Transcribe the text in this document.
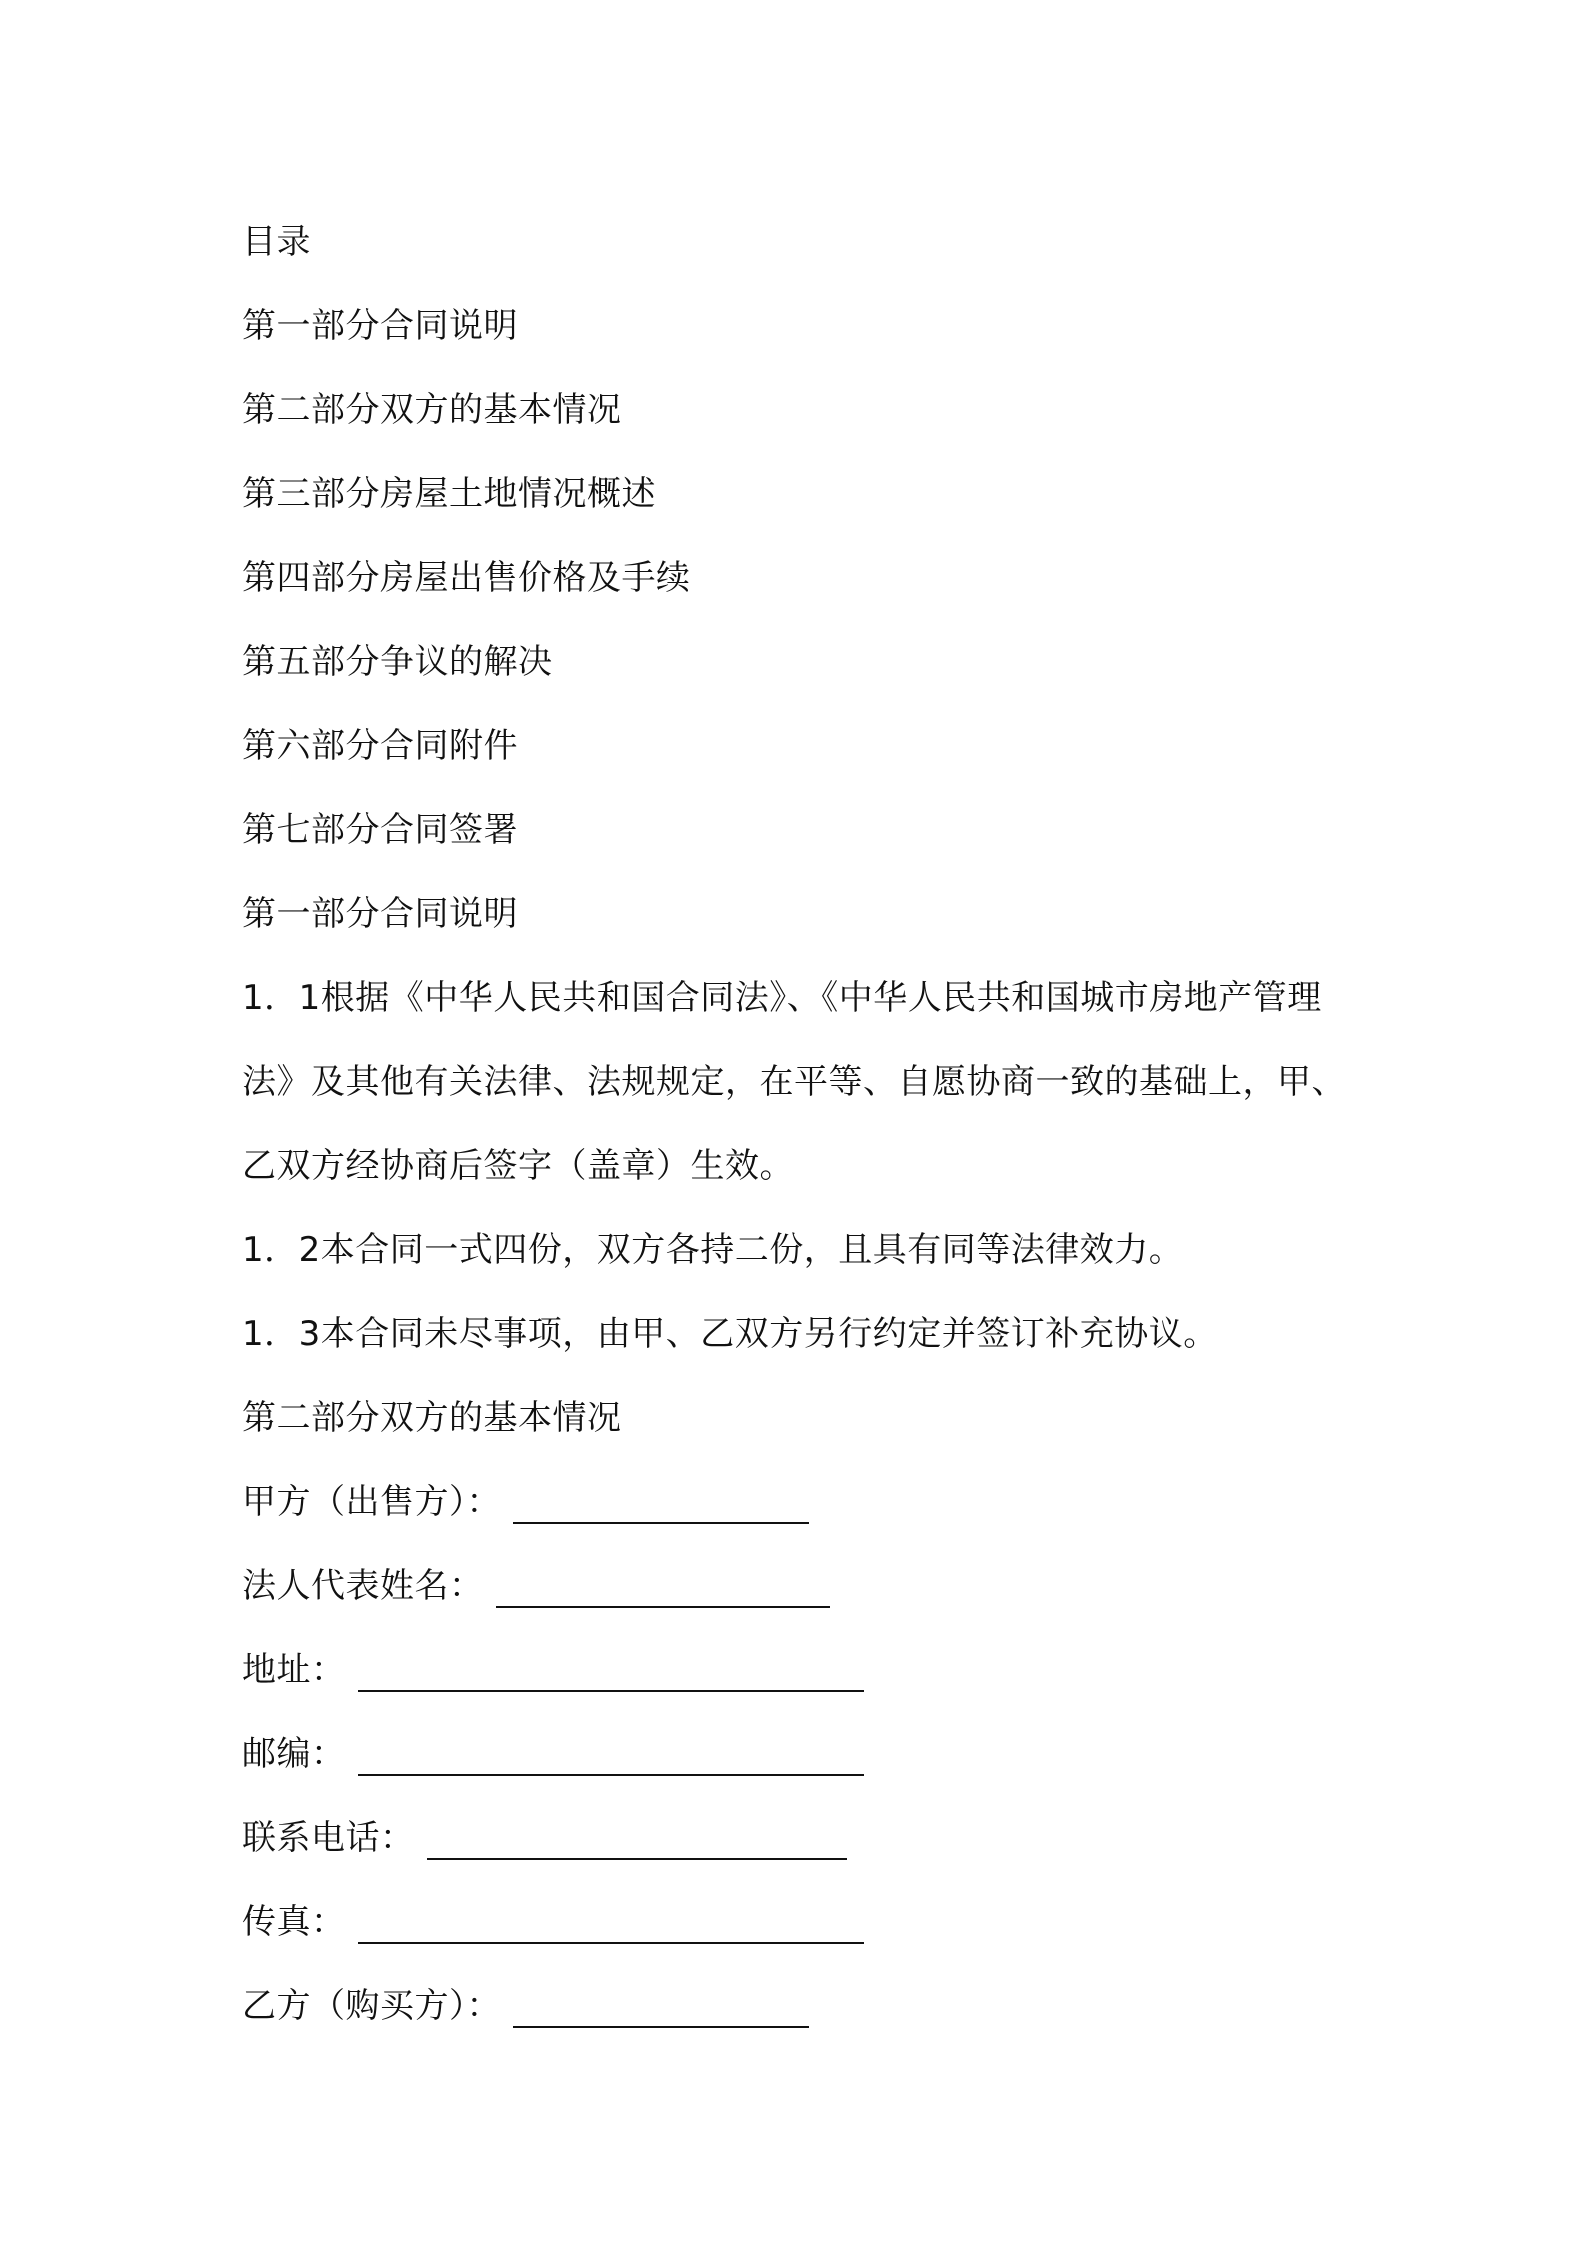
目录
第一部分合同说明
第二部分双方的基本情况
第三部分房屋土地情况概述
第四部分房屋出售价格及手续
第五部分争议的解决
第六部分合同附件
第七部分合同签署
第一部分合同说明
1．1根据《中华人民共和国合同法》、《中华人民共和国城市房地产管理法》及其他有关法律、法规规定，在平等、自愿协商一致的基础上，甲、乙双方经协商后签字（盖章）生效。
1．2本合同一式四份，双方各持二份，且具有同等法律效力。
1．3本合同未尽事项，由甲、乙双方另行约定并签订补充协议。
第二部分双方的基本情况
甲方（出售方）：
法人代表姓名：
地址：
邮编：
联系电话：
传真：
乙方（购买方）：
